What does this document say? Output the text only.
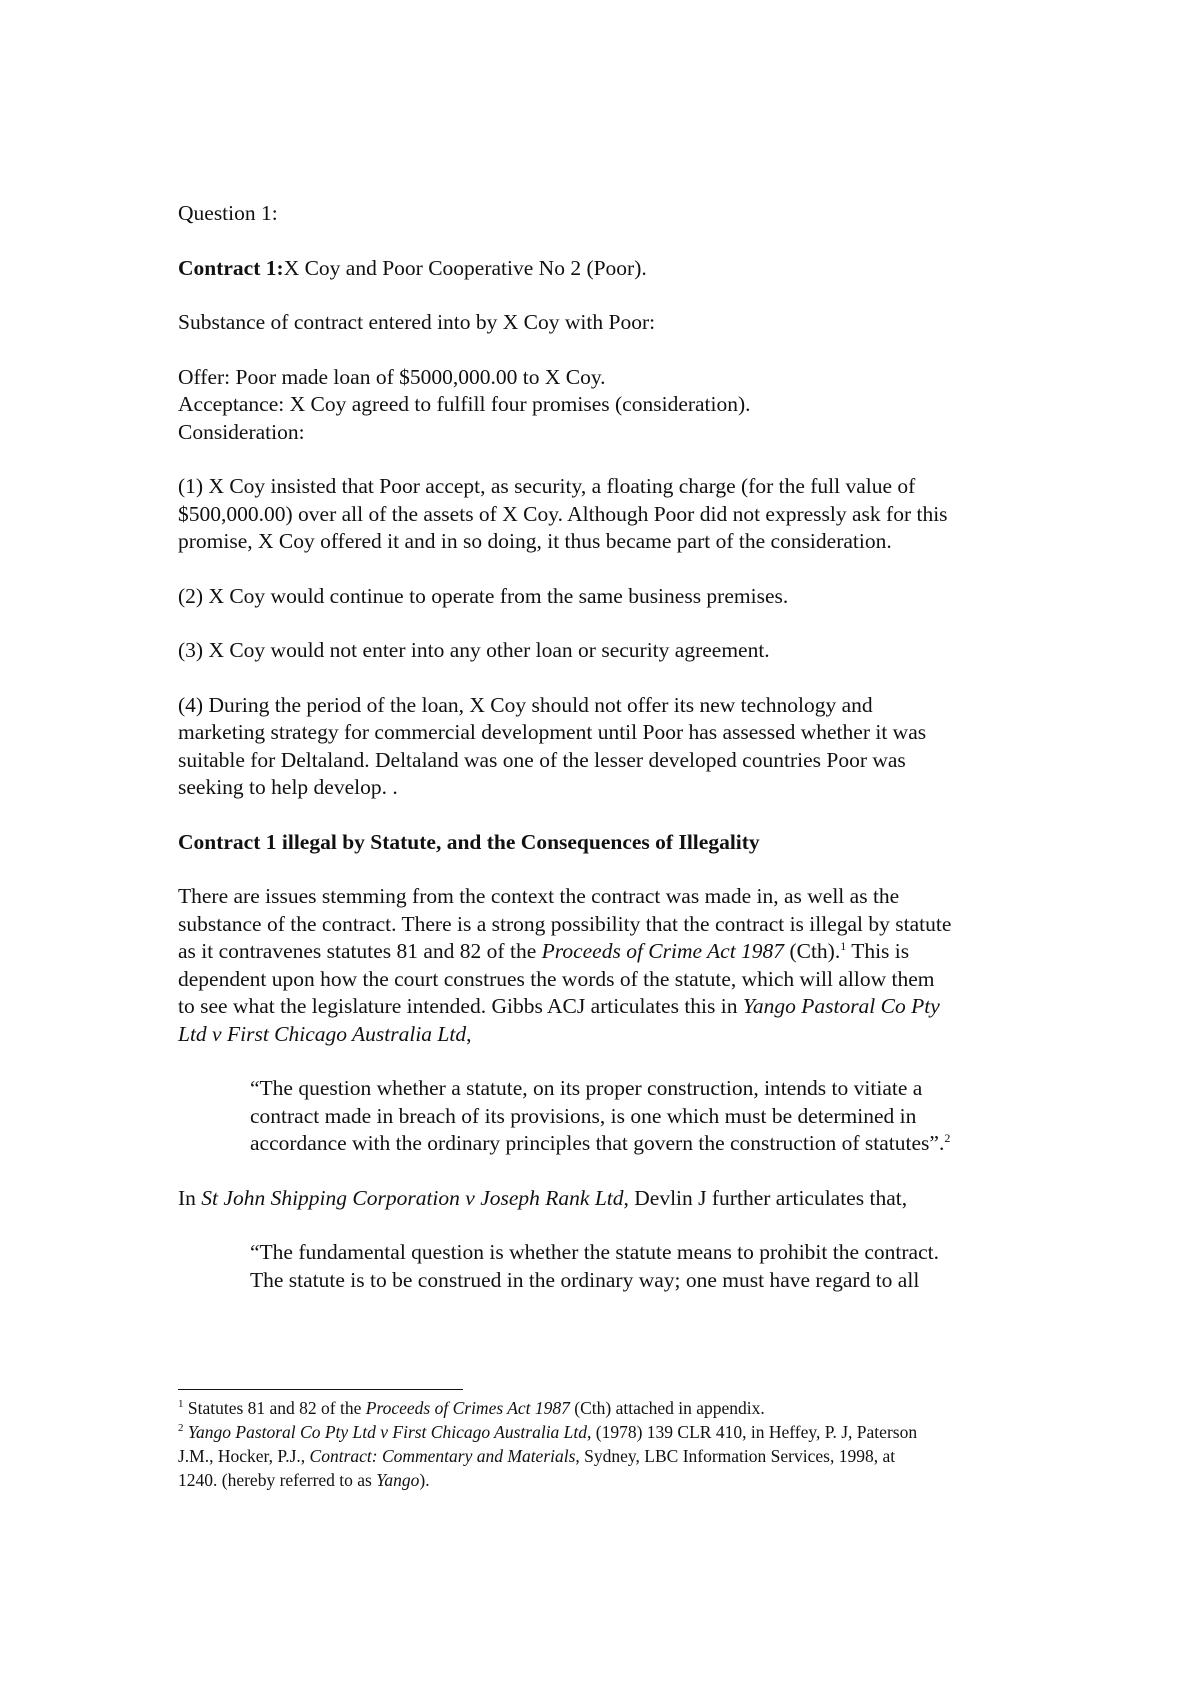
Question 1:

Contract 1:X Coy and Poor Cooperative No 2 (Poor).

Substance of contract entered into by X Coy with Poor:

Offer: Poor made loan of $5000,000.00 to X Coy.

Acceptance: X Coy agreed to fulfill four promises (consideration).

Consideration:

(1) X Coy insisted that Poor accept, as security, a floating charge (for the full value of
$500,000.00) over all of the assets of X Coy. Although Poor did not expressly ask for this
promise, X Coy offered it and in so doing, it thus became part of the consideration.
(2) X Coy would continue to operate from the same business premises.
(3) X Coy would not enter into any other loan or security agreement.
(4) During the period of the loan, X Coy should not offer its new technology and
marketing strategy for commercial development until Poor has assessed whether it was
suitable for Deltaland. Deltaland was one of the lesser developed countries Poor was
seeking to help develop. .

Contract 1 illegal by Statute, and the Consequences of Illegality

There are issues stemming from the context the contract was made in, as well as the
substance of the contract. There is a strong possibility that the contract is illegal by statute
as it contravenes statutes 81 and 82 of the Proceeds of Crime Act 1987 (Cth).$^1$ This is
dependent upon how the court construes the words of the statute, which will allow them
to see what the legislature intended. Gibbs ACJ articulates this in Yango Pastoral Co Pty
Ltd v First Chicago Australia Ltd,
“The question whether a statute, on its proper construction, intends to vitiate a
contract made in breach of its provisions, is one which must be determined in
accordance with the ordinary principles that govern the construction of statutes”.$^2$

In St John Shipping Corporation v Joseph Rank Ltd, Devlin J further articulates that,

“The fundamental question is whether the statute means to prohibit the contract.
The statute is to be construed in the ordinary way; one must have regard to all
$^1$ Statutes 81 and 82 of the Proceeds of Crimes Act 1987 (Cth) attached in appendix.
$^2$ Yango Pastoral Co Pty Ltd v First Chicago Australia Ltd, (1978) 139 CLR 410, in Heffey, P. J, Paterson
J.M., Hocker, P.J., Contract: Commentary and Materials, Sydney, LBC Information Services, 1998, at
1240. (hereby referred to as Yango).
